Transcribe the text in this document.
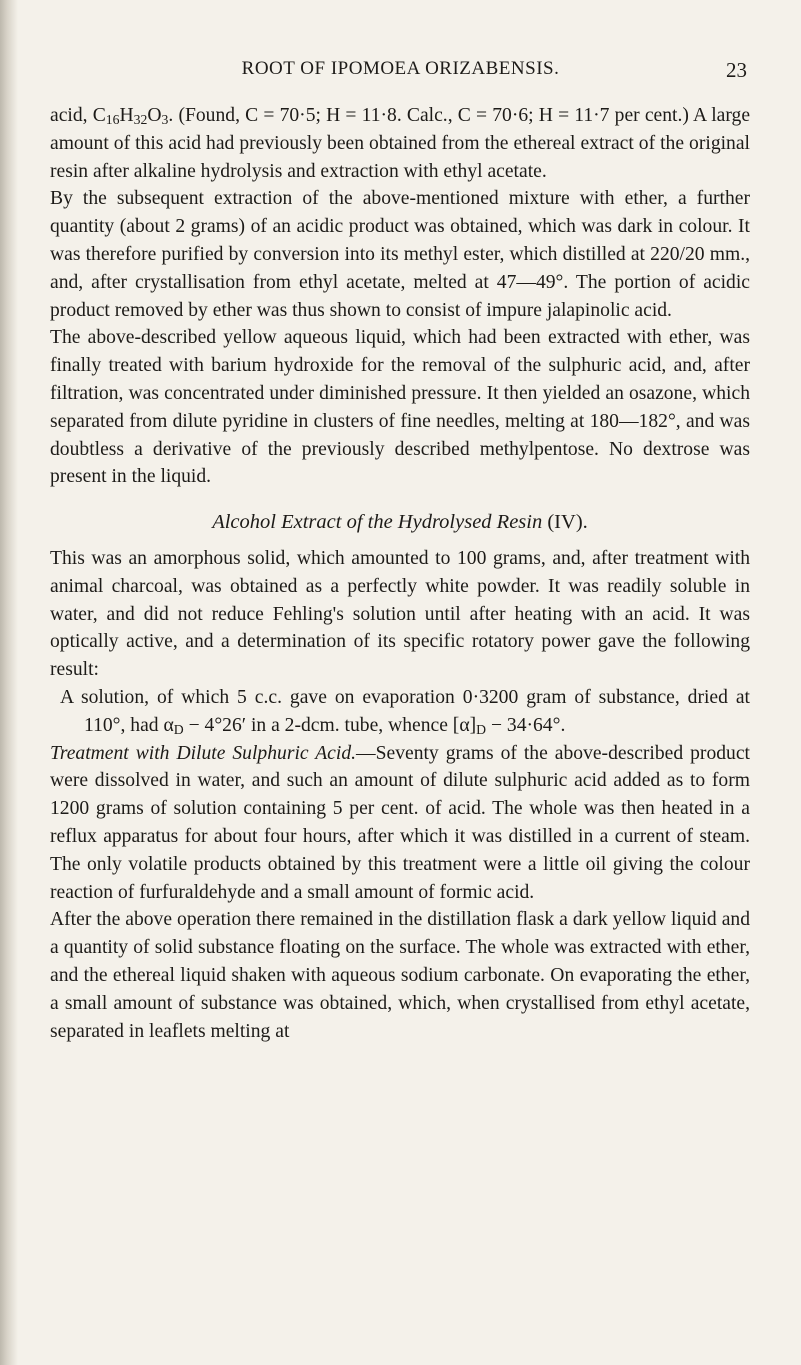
ROOT OF IPOMOEA ORIZABENSIS.	23

acid, $C_{16}H_{32}O_3$. (Found, C = 70·5; H = 11·8. Calc., C = 70·6; H = 11·7 per cent.) A large amount of this acid had previously been obtained from the ethereal extract of the original resin after alkaline hydrolysis and extraction with ethyl acetate.

By the subsequent extraction of the above-mentioned mixture with ether, a further quantity (about 2 grams) of an acidic product was obtained, which was dark in colour. It was therefore purified by conversion into its methyl ester, which distilled at 220/20 mm., and, after crystallisation from ethyl acetate, melted at 47—49°. The portion of acidic product removed by ether was thus shown to consist of impure jalapinolic acid.

The above-described yellow aqueous liquid, which had been extracted with ether, was finally treated with barium hydroxide for the removal of the sulphuric acid, and, after filtration, was concentrated under diminished pressure. It then yielded an osazone, which separated from dilute pyridine in clusters of fine needles, melting at 180—182°, and was doubtless a derivative of the previously described methylpentose. No dextrose was present in the liquid.

Alcohol Extract of the Hydrolysed Resin (IV).

This was an amorphous solid, which amounted to 100 grams, and, after treatment with animal charcoal, was obtained as a perfectly white powder. It was readily soluble in water, and did not reduce Fehling's solution until after heating with an acid. It was optically active, and a determination of its specific rotatory power gave the following result:

A solution, of which 5 c.c. gave on evaporation 0·3200 gram of substance, dried at 110°, had $\alpha_D - 4^\circ 26'$ in a 2-dcm. tube, whence $[\alpha]_D - 34\cdot 64^\circ$.

Treatment with Dilute Sulphuric Acid.—Seventy grams of the above-described product were dissolved in water, and such an amount of dilute sulphuric acid added as to form 1200 grams of solution containing 5 per cent. of acid. The whole was then heated in a reflux apparatus for about four hours, after which it was distilled in a current of steam. The only volatile products obtained by this treatment were a little oil giving the colour reaction of furfuraldehyde and a small amount of formic acid.

After the above operation there remained in the distillation flask a dark yellow liquid and a quantity of solid substance floating on the surface. The whole was extracted with ether, and the ethereal liquid shaken with aqueous sodium carbonate. On evaporating the ether, a small amount of substance was obtained, which, when crystallised from ethyl acetate, separated in leaflets melting at
